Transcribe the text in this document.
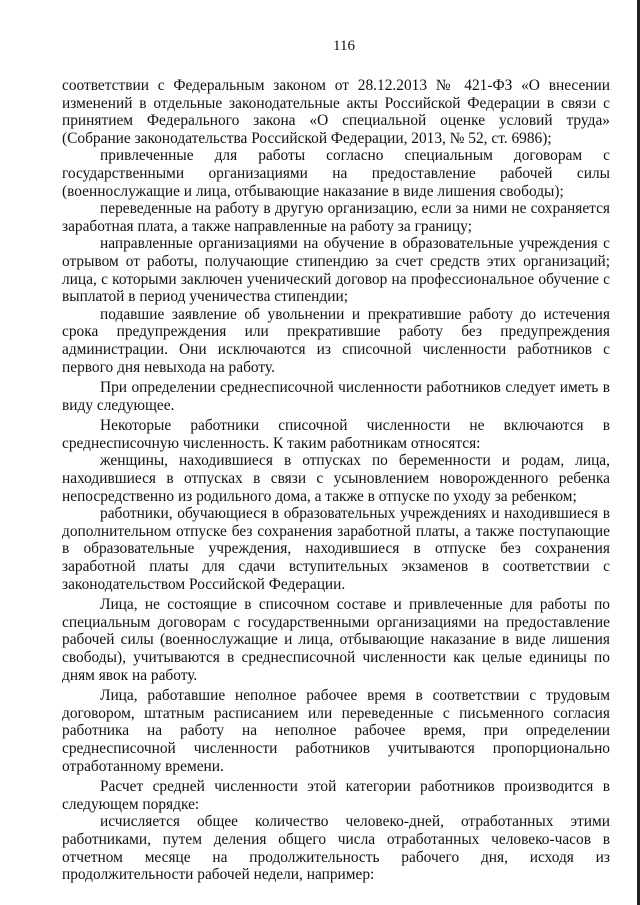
116

соответствии с Федеральным законом от 28.12.2013 № 421-ФЗ «О внесении изменений в отдельные законодательные акты Российской Федерации в связи с принятием Федерального закона «О специальной оценке условий труда» (Собрание законодательства Российской Федерации, 2013, № 52, ст. 6986);

привлеченные для работы согласно специальным договорам с государственными организациями на предоставление рабочей силы (военнослужащие и лица, отбывающие наказание в виде лишения свободы);

переведенные на работу в другую организацию, если за ними не сохраняется заработная плата, а также направленные на работу за границу;

направленные организациями на обучение в образовательные учреждения с отрывом от работы, получающие стипендию за счет средств этих организаций; лица, с которыми заключен ученический договор на профессиональное обучение с выплатой в период ученичества стипендии;

подавшие заявление об увольнении и прекратившие работу до истечения срока предупреждения или прекратившие работу без предупреждения администрации. Они исключаются из списочной численности работников с первого дня невыхода на работу.

При определении среднесписочной численности работников следует иметь в виду следующее.

Некоторые работники списочной численности не включаются в среднесписочную численность. К таким работникам относятся:

женщины, находившиеся в отпусках по беременности и родам, лица, находившиеся в отпусках в связи с усыновлением новорожденного ребенка непосредственно из родильного дома, а также в отпуске по уходу за ребенком;

работники, обучающиеся в образовательных учреждениях и находившиеся в дополнительном отпуске без сохранения заработной платы, а также поступающие в образовательные учреждения, находившиеся в отпуске без сохранения заработной платы для сдачи вступительных экзаменов в соответствии с законодательством Российской Федерации.

Лица, не состоящие в списочном составе и привлеченные для работы по специальным договорам с государственными организациями на предоставление рабочей силы (военнослужащие и лица, отбывающие наказание в виде лишения свободы), учитываются в среднесписочной численности как целые единицы по дням явок на работу.

Лица, работавшие неполное рабочее время в соответствии с трудовым договором, штатным расписанием или переведенные с письменного согласия работника на работу на неполное рабочее время, при определении среднесписочной численности работников учитываются пропорционально отработанному времени.

Расчет средней численности этой категории работников производится в следующем порядке:

исчисляется общее количество человеко-дней, отработанных этими работниками, путем деления общего числа отработанных человеко-часов в отчетном месяце на продолжительность рабочего дня, исходя из продолжительности рабочей недели, например:
